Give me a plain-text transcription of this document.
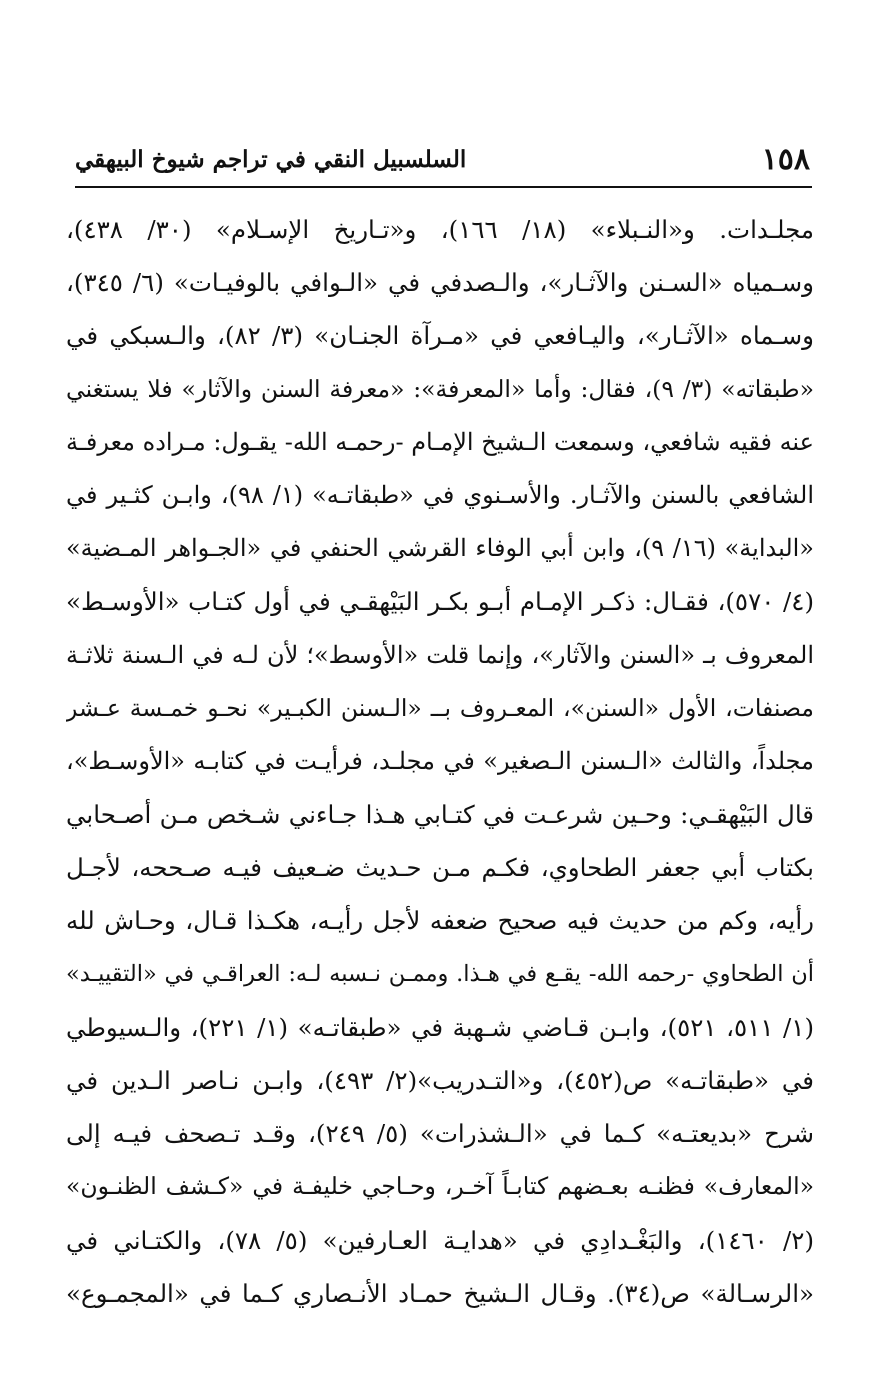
١٥٨
السلسبيل النقي في تراجم شيوخ البيهقي
مجلـدات. و«النـبلاء» (١٨/ ١٦٦)، و«تـاريخ الإسـلام» (٣٠/ ٤٣٨)،
وسـمياه «السـنن والآثـار»، والـصدفي في «الـوافي بالوفيـات» (٦/ ٣٤٥)،
وسـماه «الآثـار»، واليـافعي في «مـرآة الجنـان» (٣/ ٨٢)، والـسبكي في
«طبقاته» (٣/ ٩)، فقال: وأما «المعرفة»: «معرفة السنن والآثار» فلا يستغني
عنه فقيه شافعي، وسمعت الـشيخ الإمـام -رحمـه الله- يقـول: مـراده معرفـة
الشافعي بالسنن والآثـار. والأسـنوي في «طبقاتـه» (١/ ٩٨)، وابـن كثـير في
«البداية» (١٦/ ٩)، وابن أبي الوفاء القرشي الحنفي في «الجـواهر المـضية»
(٤/ ٥٧٠)، فقـال: ذكـر الإمـام أبـو بكـر البَيْهقـي في أول كتـاب «الأوسـط»
المعروف بـ «السنن والآثار»، وإنما قلت «الأوسط»؛ لأن لـه في الـسنة ثلاثـة
مصنفات، الأول «السنن»، المعـروف بــ «الـسنن الكبـير» نحـو خمـسة عـشر
مجلداً، والثالث «الـسنن الـصغير» في مجلـد، فرأيـت في كتابـه «الأوسـط»،
قال البَيْهقـي: وحـين شرعـت في كتـابي هـذا جـاءني شـخص مـن أصـحابي
بكتاب أبي جعفر الطحاوي، فكـم مـن حـديث ضـعيف فيـه صـححه، لأجـل
رأيه، وكم من حديث فيه صحيح ضعفه لأجل رأيـه، هكـذا قـال، وحـاش لله
أن الطحاوي -رحمه الله- يقـع في هـذا. وممـن نـسبه لـه: العراقـي في «التقييـد»
(١/ ٥١١، ٥٢١)، وابـن قـاضي شـهبة في «طبقاتـه» (١/ ٢٢١)، والـسيوطي
في «طبقاتـه» ص(٤٥٢)، و«التـدريب»(٢/ ٤٩٣)، وابـن نـاصر الـدين في
شرح «بديعتـه» كـما في «الـشذرات» (٥/ ٢٤٩)، وقـد تـصحف فيـه إلى
«المعارف» فظنـه بعـضهم كتابـاً آخـر، وحـاجي خليفـة في «كـشف الظنـون»
(٢/ ١٤٦٠)، والبَغْـدادِي في «هدايـة العـارفين» (٥/ ٧٨)، والكتـاني في
«الرسـالة» ص(٣٤). وقـال الـشيخ حمـاد الأنـصاري كـما في «المجمـوع»
